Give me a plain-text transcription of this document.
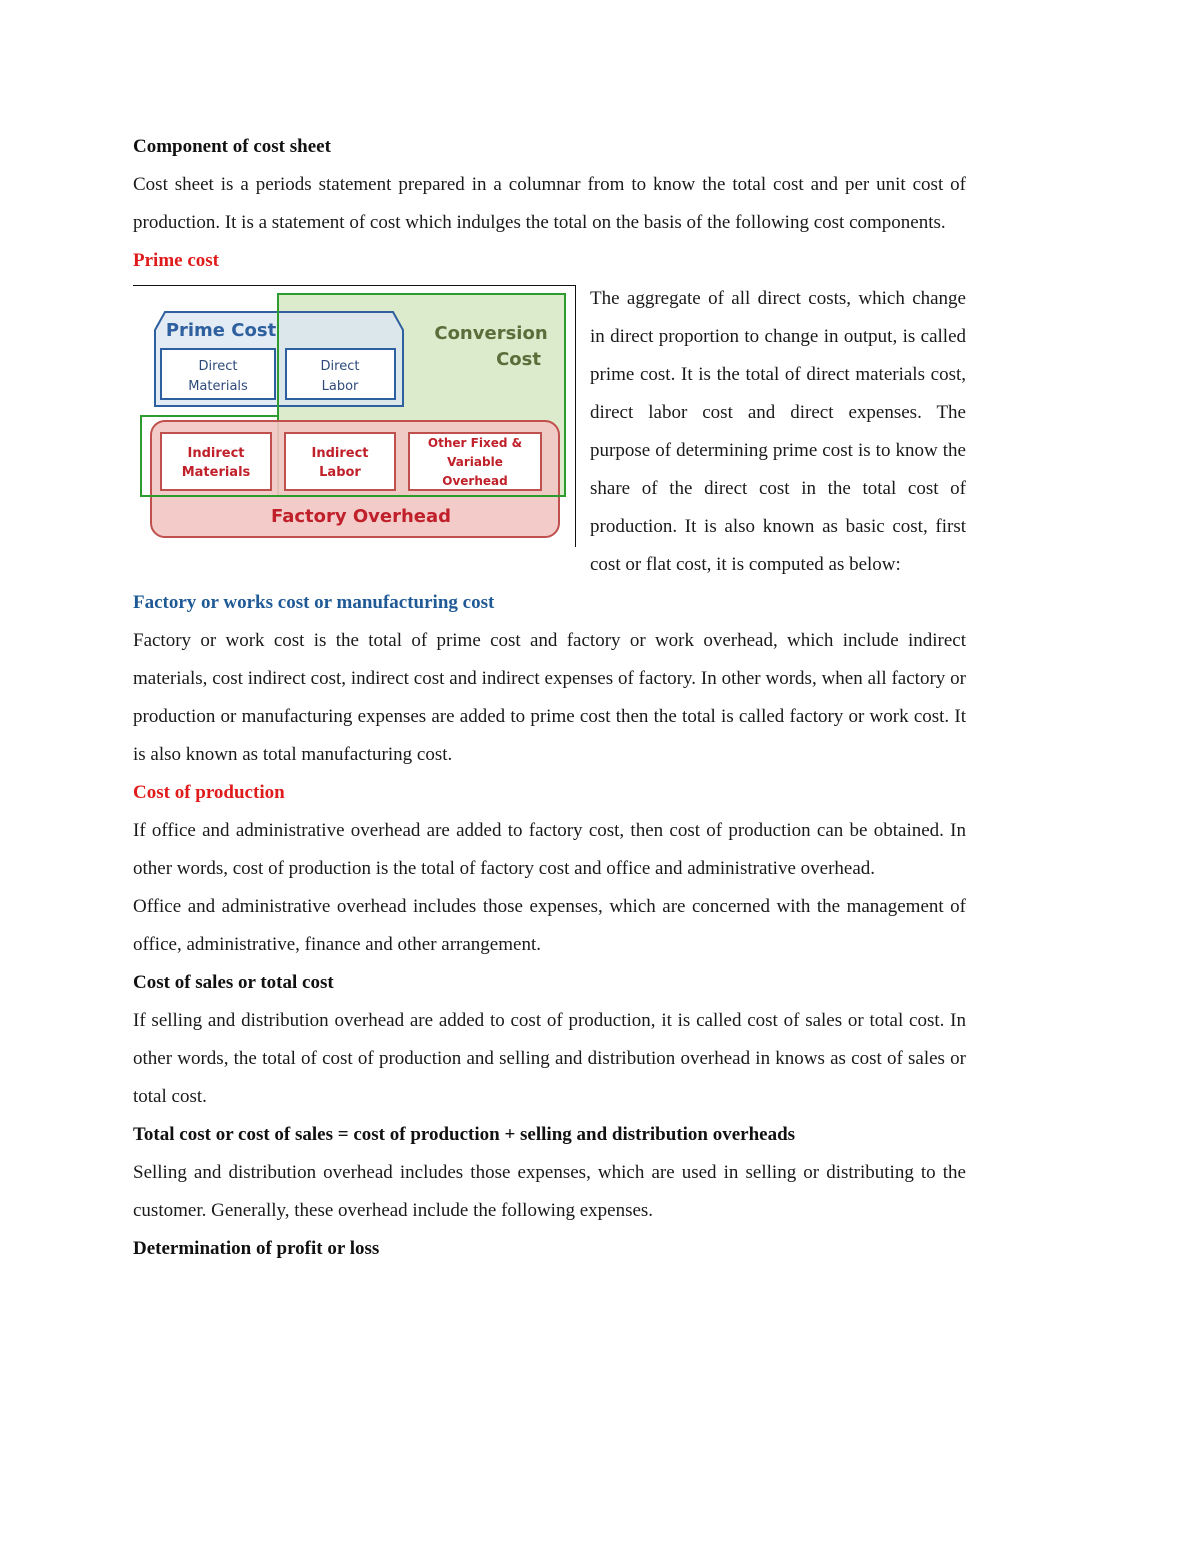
Component of cost sheet

Cost sheet is a periods statement prepared in a columnar from to know the total cost and per unit cost of production. It is a statement of cost which indulges the total on the basis of the following cost components.

Prime cost

Prime Cost	Conversion
Cost
Direct
Materials
Direct
Labor
Indirect
Materials
Indirect
Labor
Other Fixed &
Variable
Overhead
Factory Overhead

The aggregate of all direct costs, which change in direct proportion to change in output, is called prime cost. It is the total of direct materials cost, direct labor cost and direct expenses. The purpose of determining prime cost is to know the share of the direct cost in the total cost of production. It is also known as basic cost, first cost or flat cost, it is computed as below:

Factory or works cost or manufacturing cost

Factory or work cost is the total of prime cost and factory or work overhead, which include indirect materials, cost indirect cost, indirect cost and indirect expenses of factory. In other words, when all factory or production or manufacturing expenses are added to prime cost then the total is called factory or work cost. It is also known as total manufacturing cost.

Cost of production

If office and administrative overhead are added to factory cost, then cost of production can be obtained. In other words, cost of production is the total of factory cost and office and administrative overhead.

Office and administrative overhead includes those expenses, which are concerned with the management of office, administrative, finance and other arrangement.

Cost of sales or total cost

If selling and distribution overhead are added to cost of production, it is called cost of sales or total cost. In other words, the total of cost of production and selling and distribution overhead in knows as cost of sales or total cost.

Total cost or cost of sales = cost of production + selling and distribution overheads

Selling and distribution overhead includes those expenses, which are used in selling or distributing to the customer. Generally, these overhead include the following expenses.

Determination of profit or loss
